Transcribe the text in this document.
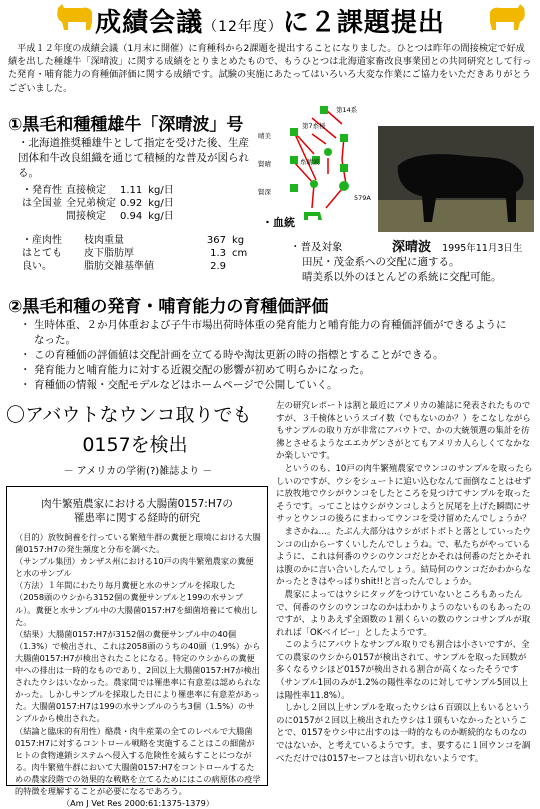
成績会議（12年度）に２課題提出
　平成１２年度の成績会議（1月末に開催）に育種科から2課題を提出することになりました。ひとつは昨年の間接検定で好成績を出した種雄牛「深晴波」に関する成績をとりまとめたもので、もうひとつは北海道家畜改良事業団との共同研究として行った発育・哺育能力の育種価評価に関する成績です。試験の実施にあたってはいろいろ大変な作業にご協力をいただきありがとうございました。
①黒毛和種種雄牛「深晴波」号
・北海道推奨種雄牛として指定を受けた後、生産団体和牛改良組織を通じて積極的な普及が図られる。
・発育性	直接検定	1.11	kg/日
は全国並	全兄弟検定	0.92	kg/日
	間接検定	0.94	kg/日
・産肉性	枝肉重量	367	kg
はとても	皮下脂肪厚	1.3	cm
良い。	脂肪交雑基準値	2.9	
第14系
第7糸桜
晴美
賢晴
賢深
糸晴波
579A
・血統
深晴波 1995年11月3日生
・普及対象
田尻・茂金系への交配に適する。
晴美系以外のほとんどの系統に交配可能。
②黒毛和種の発育・哺育能力の育種価評価
・ 生時体重、２か月体重および子牛市場出荷時体重の発育能力と哺育能力の育種価評価ができるようになった。
・ この育種価の評価値は交配計画を立てる時や淘汰更新の時の指標とすることができる。
・ 発育能力と哺育能力に対する近親交配の影響が初めて明らかになった。
・ 育種価の情報・交配モデルなどはホームページで公開していく。
〇アバウトなウンコ取りでも
0157を検出
－ アメリカの学術(?)雑誌より －
肉牛繁殖農家における大腸菌0157:H7の
罹患率に関する経時的研究
（目的）放牧飼養を行っている繁殖牛群の糞便と環境における大腸菌0157:H7の発生頻度と分布を調べた。
（サンプル集団）カンザス州における10戸の肉牛繁殖農家の糞便と水のサンプル
（方法）１年間にわたり毎月糞便と水のサンプルを採取した（2058頭のウシから3152個の糞便サンプルと199の水サンプル）。糞便と水サンプル中の大腸菌0157:H7を細菌培養にて検出した。
（結果）大腸菌0157:H7が3152個の糞便サンプル中の40個（1.3%）で検出され、これは2058頭のうちの40頭（1.9%）から大腸菌0157:H7が検出されたことになる。特定のウシからの糞便中への排出は一時的なものであり、2回以上大腸菌0157:H7が検出されたウシはいなかった。農家間では罹患率に有意差は認められなかった。しかしサンプルを採取した日により罹患率に有意差があった。大腸菌0157:H7は199の水サンプルのうち3個（1.5%）のサンプルから検出された。
（結論と臨床的有用性）酪農・肉牛産業の全てのレベルで大腸菌0157:H7に対するコントロール戦略を実施することはこの細菌がヒトの食物連鎖システムへ侵入する危険性を減らすことにつながる。肉牛繁殖牛群において大腸菌0157:H7をコントロールするための農家段階での効果的な戦略を立てるためにはこの病原体の疫学的特徴を理解することが必要になるであろう。
（Am J Vet Res 2000:61:1375-1379）
左の研究レポートは割と最近にアメリカの雑誌に発表されたものですが、３千検体というスゴイ数（でもないのか？）をこなしながらもサンプルの取り方が非常にアバウトで、かの大統領選の集計を彷彿とさせるようなエエカゲンさがとてもアメリカ人らしくてなかなか楽しいです。
　というのも、10戸の肉牛繁殖農家でウンコのサンプルを取ったらしいのですが、ウシをシュートに追い込むなんて面倒なことはせずに放牧地でウシがウンコをしたところを見つけてサンプルを取ったそうです。ってことはウシがウンコしようと尻尾を上げた瞬間にササッとウンコの後ろにまわってウンコを受け留めたんでしょうか？
　まさかね…。たぶん大部分はウシがボトボトと落としていったウンコの山からーすくいしたんでしょうね。で、私たちがやっているように、これは何番のウシのウンコだとかそれは何番のだとかそれは腹のかに言い合いしたんでしょう。結局何のウンコだかわからなかったときはやっぱりshit!!と言ったんでしょうか。
　農家によってはウシにタッグをつけていないところもあったんで、何番のウシのウンコなのかはわかりようのないものもあったのですが、よりあえず全頭数の１割くらいの数のウンコサンプルが取れれば「OKベイビー」としたようです。
　このようにアバウトなサンプル取りでも割合は小さいですが、全ての農家のウシから0157が検出されて、サンプルを取った回数が多くなるウシほど0157が検出される割合が高くなったそうです（サンプル1回のみが1.2%の陽性率なのに対してサンプル5回以上は陽性率11.8%）。
　しかし２回以上サンプルを取ったウシは６百頭以上もいるというのに0157が２回以上検出されたウシは１頭もいなかったということで、0157をウシ中に出すのは一時的なものか断続的なものなのではないか、と考えているようです。ま、要するに１回ウンコを調べただけでは0157セーフとは言い切れないようです。
